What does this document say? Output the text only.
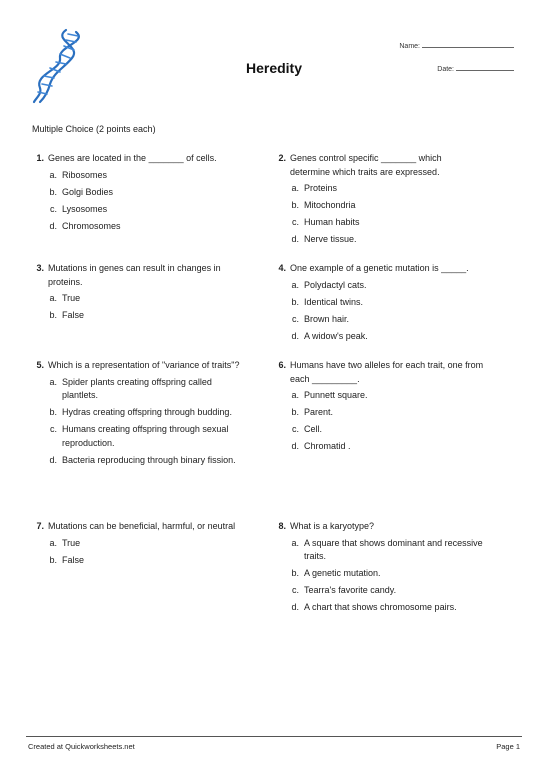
Heredity
Name:
Date:
Multiple Choice (2 points each)
1. Genes are located in the _______ of cells.
a. Ribosomes
b. Golgi Bodies
c. Lysosomes
d. Chromosomes
2. Genes control specific _______ which determine which traits are expressed.
a. Proteins
b. Mitochondria
c. Human habits
d. Nerve tissue.
3. Mutations in genes can result in changes in proteins.
a. True
b. False
4. One example of a genetic mutation is _____.
a. Polydactyl cats.
b. Identical twins.
c. Brown hair.
d. A widow's peak.
5. Which is a representation of "variance of traits"?
a. Spider plants creating offspring called plantlets.
b. Hydras creating offspring through budding.
c. Humans creating offspring through sexual reproduction.
d. Bacteria reproducing through binary fission.
6. Humans have two alleles for each trait, one from each _________.
a. Punnett square.
b. Parent.
c. Cell.
d. Chromatid .
7. Mutations can be beneficial, harmful, or neutral
a. True
b. False
8. What is a karyotype?
a. A square that shows dominant and recessive traits.
b. A genetic mutation.
c. Tearra's favorite candy.
d. A chart that shows chromosome pairs.
Created at Quickworksheets.net	Page 1
